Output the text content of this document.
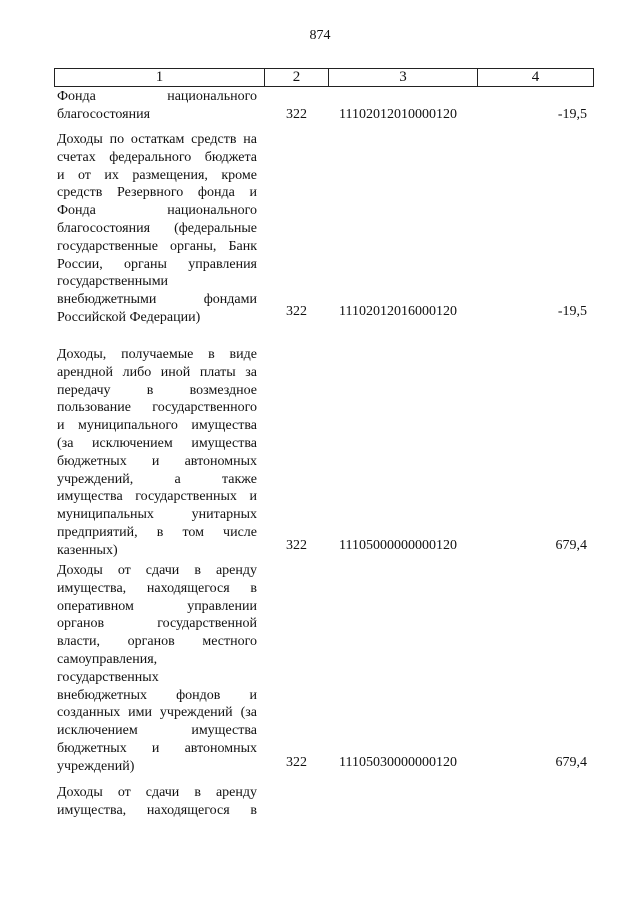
874
1	2	3	4
Фонда национального
благосостояния	322 11102012010000120	-19,5
Доходы по остаткам средств на
счетах федерального бюджета
и от их размещения, кроме
средств Резервного фонда и
Фонда национального
благосостояния (федеральные
государственные органы, Банк
России, органы управления
государственными
внебюджетными фондами
Российской Федерации)	322 11102012016000120	-19,5
Доходы, получаемые в виде
арендной либо иной платы за
передачу в возмездное
пользование государственного
и муниципального имущества
(за исключением имущества
бюджетных и автономных
учреждений, а также
имущества государственных и
муниципальных унитарных
предприятий, в том числе
казенных)	322 11105000000000120	679,4
Доходы от сдачи в аренду
имущества, находящегося в
оперативном управлении
органов государственной
власти, органов местного
самоуправления,
государственных
внебюджетных фондов и
созданных ими учреждений (за
исключением имущества
бюджетных и автономных
учреждений)	322 11105030000000120	679,4
Доходы от сдачи в аренду
имущества, находящегося в
